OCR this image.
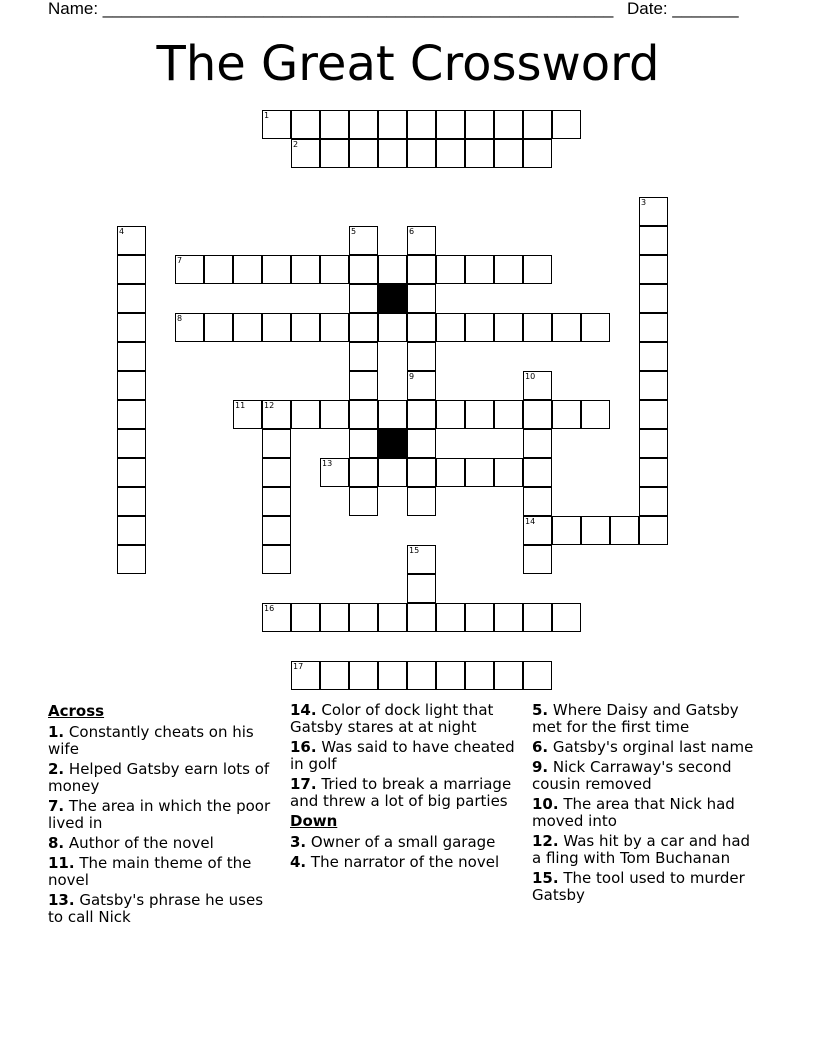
Name: ______________________________________________________ Date: _______
The Great Crossword
1
2
7
8
11 12
13
14
16
17
3
4	5	6
9	10
15
Across
1. Constantly cheats on his wife
2. Helped Gatsby earn lots of money
7. The area in which the poor lived in
8. Author of the novel
11. The main theme of the novel
13. Gatsby's phrase he uses to call Nick
14. Color of dock light that Gatsby stares at at night
16. Was said to have cheated in golf
17. Tried to break a marriage and threw a lot of big parties
Down
3. Owner of a small garage
4. The narrator of the novel
5. Where Daisy and Gatsby met for the first time
6. Gatsby's orginal last name
9. Nick Carraway's second cousin removed
10. The area that Nick had moved into
12. Was hit by a car and had a fling with Tom Buchanan
15. The tool used to murder Gatsby
